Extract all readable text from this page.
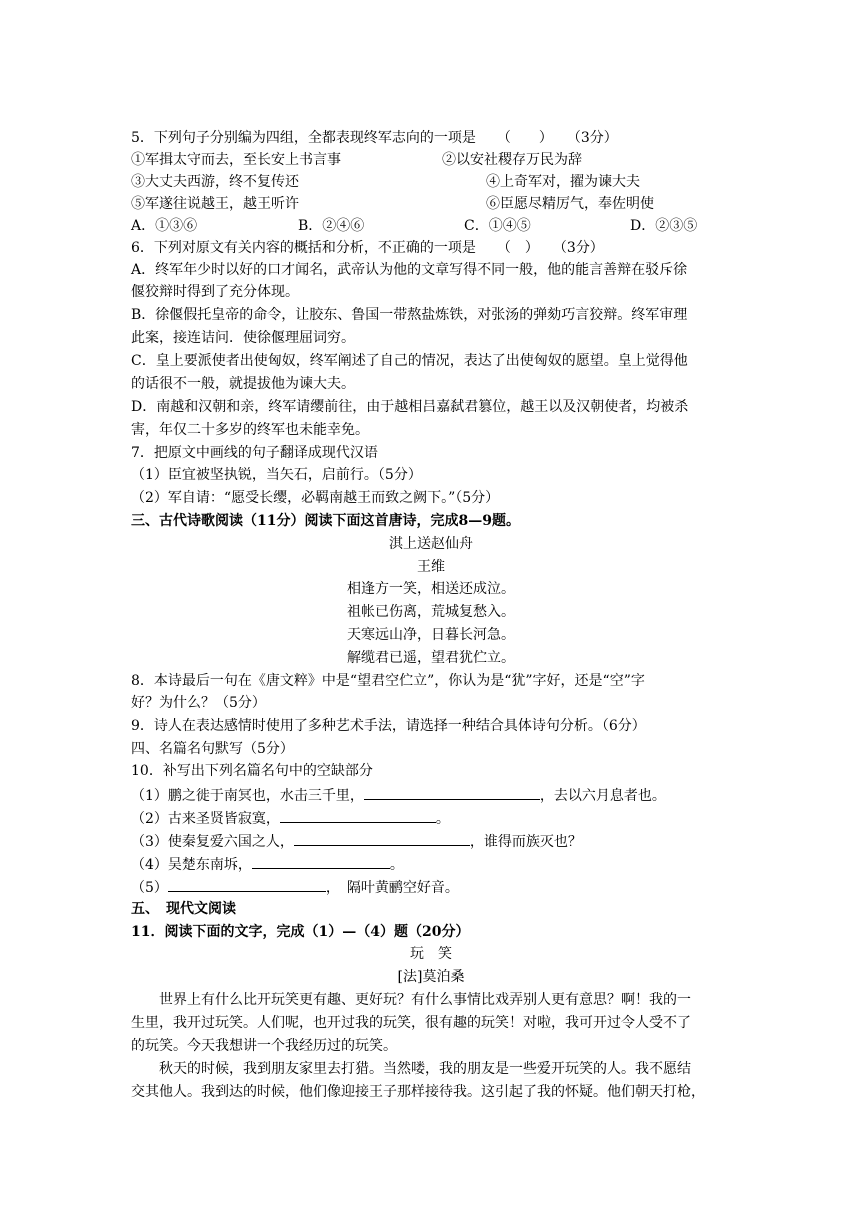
5．下列句子分别编为四组，全都表现终军志向的一项是　　（　　）　　（3分）
①军揖太守而去，至长安上书言事	②以安社稷存万民为辞
③大丈夫西游，终不复传还	④上奇军对，擢为谏大夫
⑤军遂往说越王，越王听许	⑥臣愿尽精厉气，奉佐明使
A．①③⑥	B．②④⑥	C．①④⑤	D．②③⑤
6．下列对原文有关内容的概括和分析，不正确的一项是　　（　）　　（3分）
A．终军年少时以好的口才闻名，武帝认为他的文章写得不同一般，他的能言善辩在驳斥徐
偃狡辩时得到了充分体现。
B．徐偃假托皇帝的命令，让胶东、鲁国一带熬盐炼铁，对张汤的弹劾巧言狡辩。终军审理
此案，接连诘问．使徐偃理屈词穷。
C．皇上要派使者出使匈奴，终军阐述了自己的情况，表达了出使匈奴的愿望。皇上觉得他
的话很不一般，就提拔他为谏大夫。
D．南越和汉朝和亲，终军请缨前往，由于越相吕嘉弑君篡位，越王以及汉朝使者，均被杀
害，年仅二十多岁的终军也未能幸免。
7．把原文中画线的句子翻译成现代汉语
（1）臣宜被坚执锐，当矢石，启前行。（5分）
（2）军自请：“愿受长缨，必羁南越王而致之阙下。”（5分）
三、古代诗歌阅读（11分）阅读下面这首唐诗，完成8—9题。
淇上送赵仙舟
王维
相逢方一笑，相送还成泣。
祖帐已伤离，荒城复愁入。
天寒远山净，日暮长河急。
解缆君已遥，望君犹伫立。
8．本诗最后一句在《唐文粹》中是“望君空伫立”，你认为是“犹”字好，还是“空”字
好？为什么？（5分）
9．诗人在表达感情时使用了多种艺术手法，请选择一种结合具体诗句分析。（6分）
四、名篇名句默写（5分）
10．补写出下列名篇名句中的空缺部分
（1）鹏之徙于南冥也，水击三千里，	，去以六月息者也。
（2）古来圣贤皆寂寞，	。
（3）使秦复爱六国之人，	，谁得而族灭也？
（4）吴楚东南坼，	。
（5）	，　隔叶黄鹂空好音。
五、　现代文阅读
11．阅读下面的文字，完成（1）—（4）题（20分）
玩　笑
[法]莫泊桑
世界上有什么比开玩笑更有趣、更好玩？有什么事情比戏弄别人更有意思？啊！我的一
生里，我开过玩笑。人们呢，也开过我的玩笑，很有趣的玩笑！对啦，我可开过令人受不了
的玩笑。今天我想讲一个我经历过的玩笑。
秋天的时候，我到朋友家里去打猎。当然喽，我的朋友是一些爱开玩笑的人。我不愿结
交其他人。我到达的时候，他们像迎接王子那样接待我。这引起了我的怀疑。他们朝天打枪，
